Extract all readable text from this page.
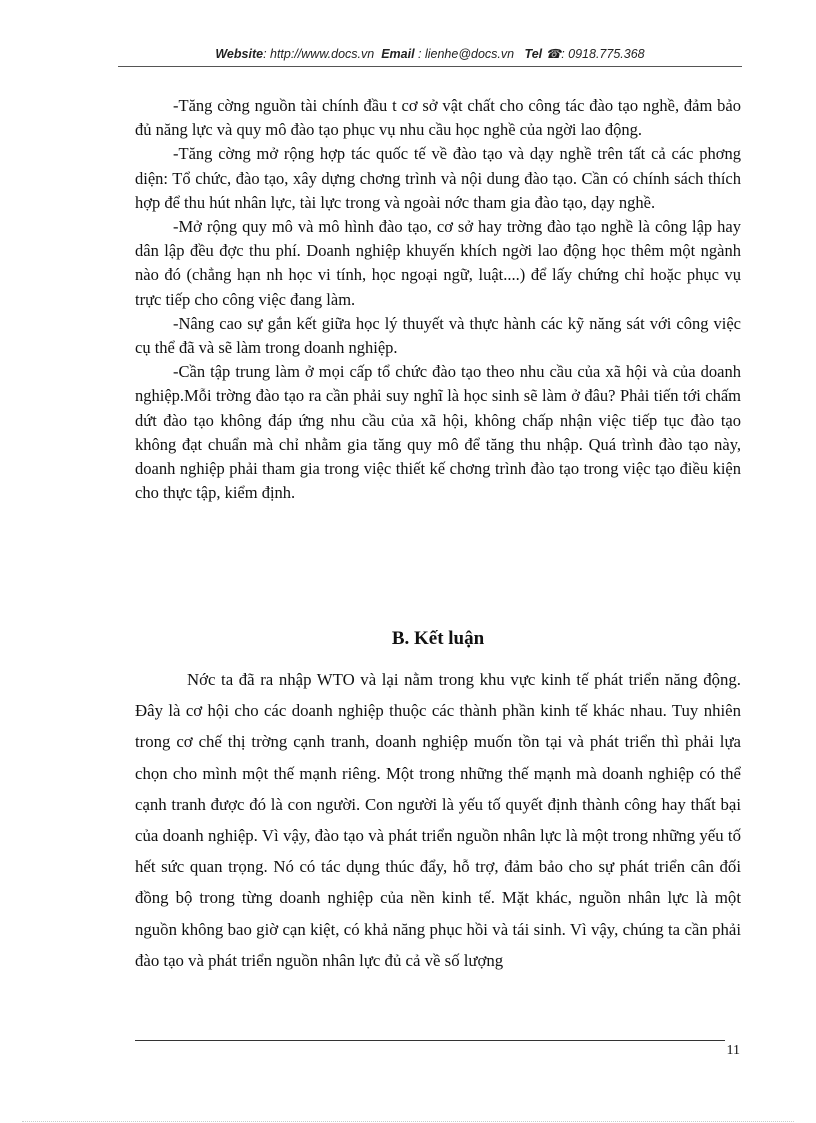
Website: http://www.docs.vn Email : lienhe@docs.vn Tel ☎: 0918.775.368

-Tăng cờng nguồn tài chính đầu t cơ sở vật chất cho công tác đào tạo nghề, đảm bảo đủ năng lực và quy mô đào tạo phục vụ nhu cầu học nghề của ngời lao động.

-Tăng cờng mở rộng hợp tác quốc tế về đào tạo và dạy nghề trên tất cả các phơng diện: Tổ chức, đào tạo, xây dựng chơng trình và nội dung đào tạo. Cần có chính sách thích hợp để thu hút nhân lực, tài lực trong và ngoài nớc tham gia đào tạo, dạy nghề.

-Mở rộng quy mô và mô hình đào tạo, cơ sở hay trờng đào tạo nghề là công lập hay dân lập đều đợc thu phí. Doanh nghiệp khuyến khích ngời lao động học thêm một ngành nào đó (chẳng hạn nh học vi tính, học ngoại ngữ, luật....) để lấy chứng chỉ hoặc phục vụ trực tiếp cho công việc đang làm.

-Nâng cao sự gắn kết giữa học lý thuyết và thực hành các kỹ năng sát với công việc cụ thể đã và sẽ làm trong doanh nghiệp.

-Cần tập trung làm ở mọi cấp tổ chức đào tạo theo nhu cầu của xã hội và của doanh nghiệp.Mỗi trờng đào tạo ra cần phải suy nghĩ là học sinh sẽ làm ở đâu? Phải tiến tới chấm dứt đào tạo không đáp ứng nhu cầu của xã hội, không chấp nhận việc tiếp tục đào tạo không đạt chuẩn mà chỉ nhằm gia tăng quy mô để tăng thu nhập. Quá trình đào tạo này, doanh nghiệp phải tham gia trong việc thiết kế chơng trình đào tạo trong việc tạo điều kiện cho thực tập, kiểm định.

B. Kết luận

Nớc ta đã ra nhập WTO và lại nằm trong khu vực kinh tế phát triển năng động. Đây là cơ hội cho các doanh nghiệp thuộc các thành phần kinh tế khác nhau. Tuy nhiên trong cơ chế thị trờng cạnh tranh, doanh nghiệp muốn tồn tại và phát triển thì phải lựa chọn cho mình một thế mạnh riêng. Một trong những thế mạnh mà doanh nghiệp có thể cạnh tranh được đó là con người. Con người là yếu tố quyết định thành công hay thất bại của doanh nghiệp. Vì vậy, đào tạo và phát triển nguồn nhân lực là một trong những yếu tố hết sức quan trọng. Nó có tác dụng thúc đẩy, hỗ trợ, đảm bảo cho sự phát triển cân đối đồng bộ trong từng doanh nghiệp của nền kinh tế. Mặt khác, nguồn nhân lực là một nguồn không bao giờ cạn kiệt, có khả năng phục hồi và tái sinh. Vì vậy, chúng ta cần phải đào tạo và phát triển nguồn nhân lực đủ cả về số lượng

11
